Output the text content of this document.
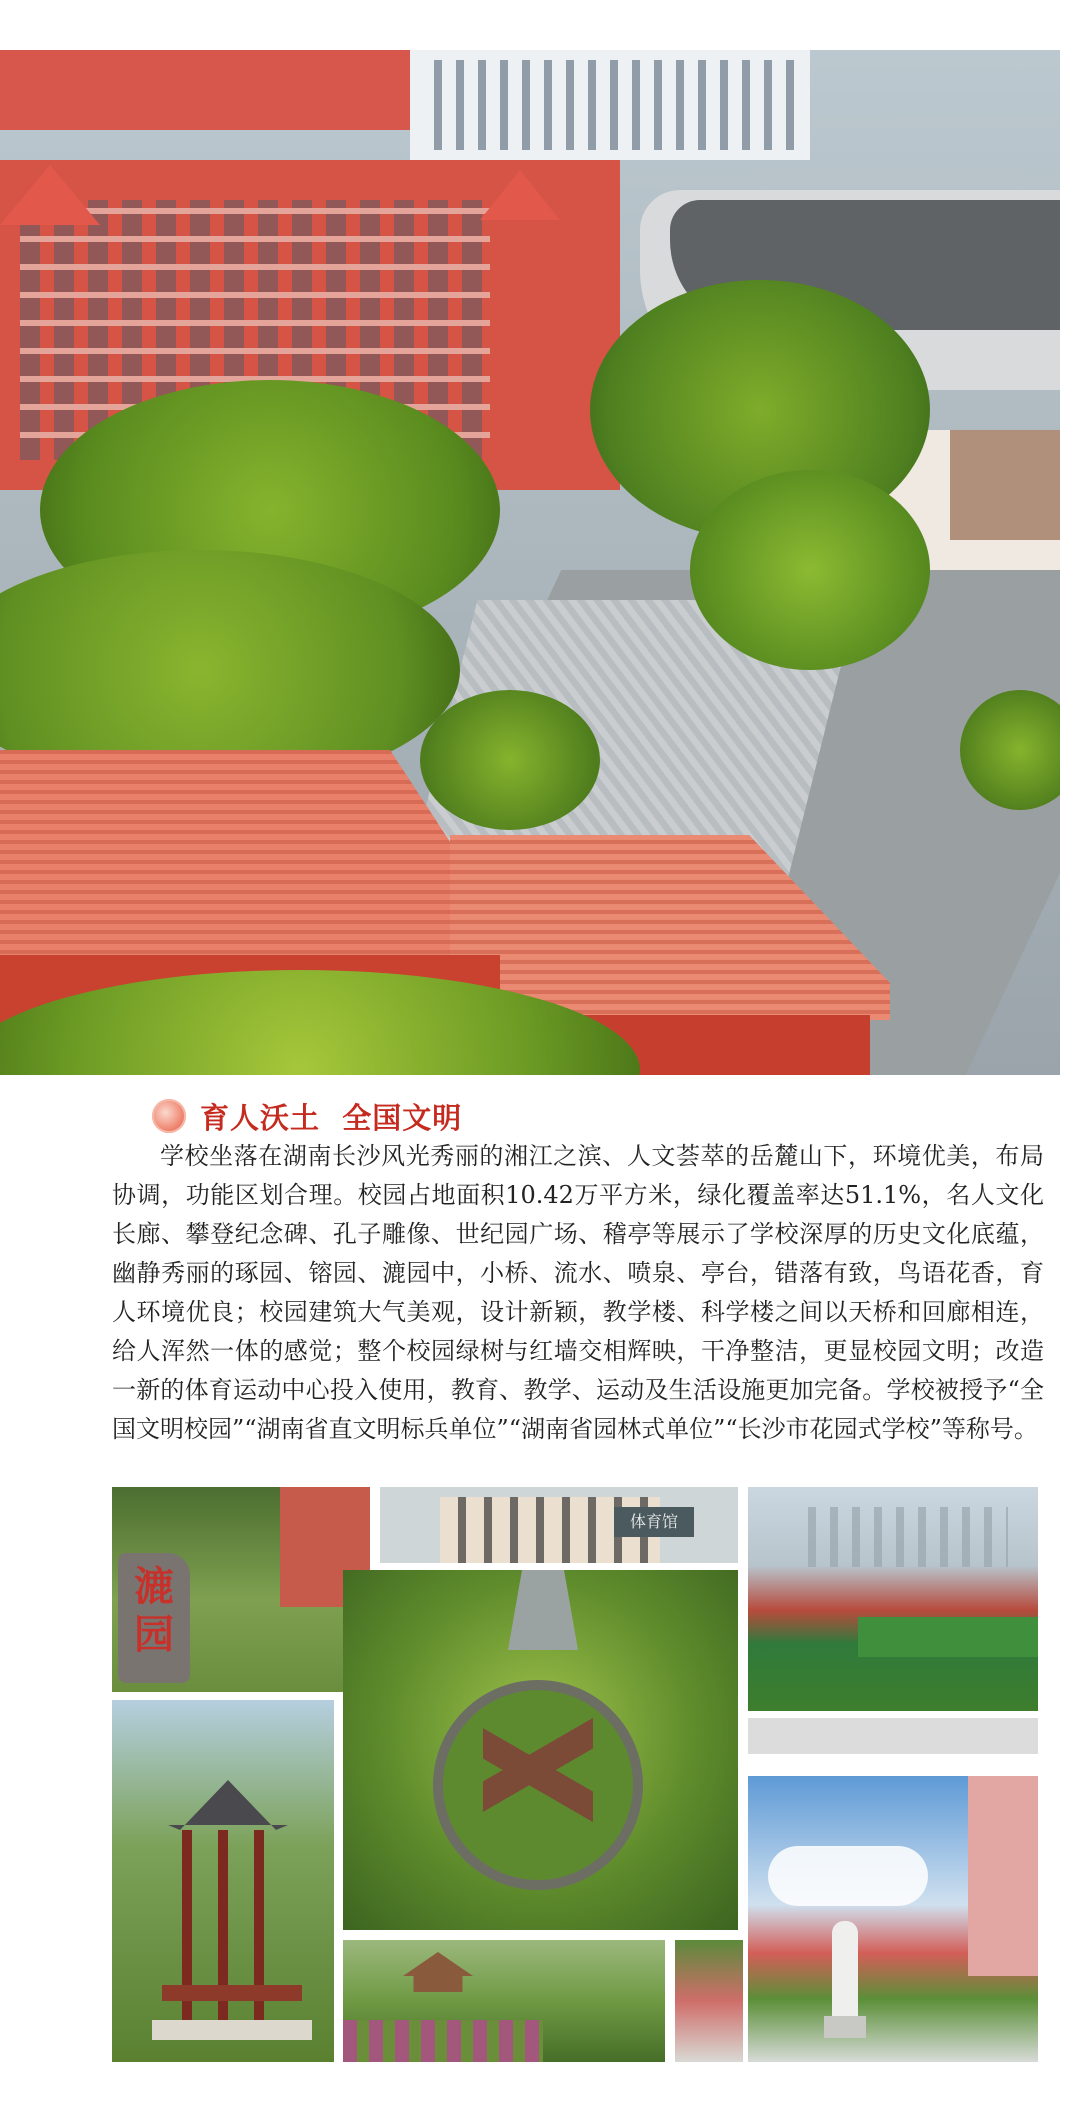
育人沃土  全国文明

学校坐落在湖南长沙风光秀丽的湘江之滨、人文荟萃的岳麓山下，环境优美，布局协调，功能区划合理。校园占地面积10.42万平方米，绿化覆盖率达51.1%，名人文化长廊、攀登纪念碑、孔子雕像、世纪园广场、稽亭等展示了学校深厚的历史文化底蕴，幽静秀丽的琢园、镕园、漉园中，小桥、流水、喷泉、亭台，错落有致，鸟语花香，育人环境优良；校园建筑大气美观，设计新颖，教学楼、科学楼之间以天桥和回廊相连，给人浑然一体的感觉；整个校园绿树与红墙交相辉映，干净整洁，更显校园文明；改造一新的体育运动中心投入使用，教育、教学、运动及生活设施更加完备。学校被授予“全国文明校园”“湖南省直文明标兵单位”“湖南省园林式单位”“长沙市花园式学校”等称号。

漉园
体育馆
